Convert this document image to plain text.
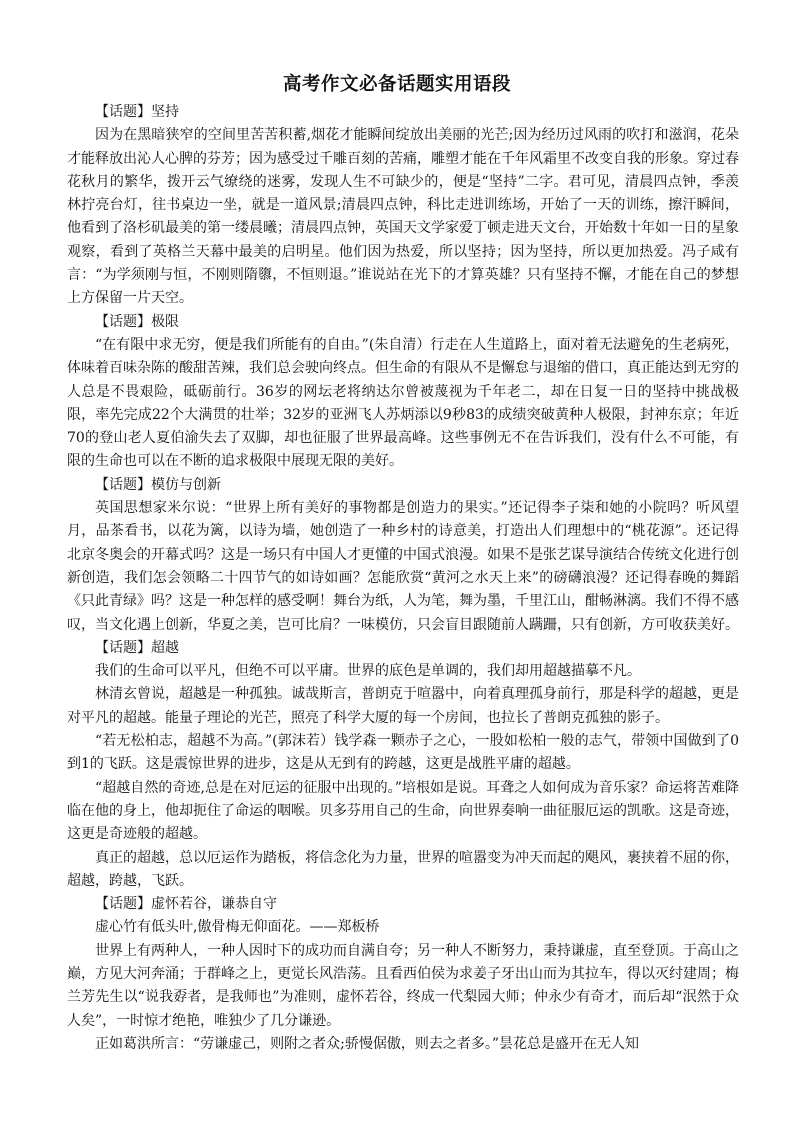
高考作文必备话题实用语段

【话题】坚持

因为在黑暗狭窄的空间里苦苦积蓄,烟花才能瞬间绽放出美丽的光芒;因为经历过风雨的吹打和滋润，花朵才能释放出沁人心脾的芬芳；因为感受过千雕百刻的苦痛，雕塑才能在千年风霜里不改变自我的形象。穿过春花秋月的繁华，拨开云气缭绕的迷雾，发现人生不可缺少的，便是“坚持”二字。君可见，清晨四点钟，季羡林拧亮台灯，往书桌边一坐，就是一道风景;清晨四点钟，科比走进训练场，开始了一天的训练，擦汗瞬间，他看到了洛杉矶最美的第一缕晨曦；清晨四点钟，英国天文学家爱丁顿走进天文台，开始数十年如一日的星象观察，看到了英格兰天幕中最美的启明星。他们因为热爱，所以坚持；因为坚持，所以更加热爱。冯子咸有言：“为学须刚与恒，不刚则隋隳，不恒则退。”谁说站在光下的才算英雄？只有坚持不懈，才能在自己的梦想上方保留一片天空。

【话题】极限

“在有限中求无穷，便是我们所能有的自由。”(朱自清）行走在人生道路上，面对着无法避免的生老病死，体味着百味杂陈的酸甜苦辣，我们总会驶向终点。但生命的有限从不是懈怠与退缩的借口，真正能达到无穷的人总是不畏艰险，砥砺前行。36岁的网坛老将纳达尔曾被蔑视为千年老二，却在日复一日的坚持中挑战极限，率先完成22个大满贯的壮举；32岁的亚洲飞人苏炳添以9秒83的成绩突破黄种人极限，封神东京；年近70的登山老人夏伯渝失去了双脚，却也征服了世界最高峰。这些事例无不在告诉我们，没有什么不可能，有限的生命也可以在不断的追求极限中展现无限的美好。

【话题】模仿与创新

英国思想家米尔说：“世界上所有美好的事物都是创造力的果实。”还记得李子柒和她的小院吗？听风望月，品茶看书，以花为篱，以诗为墙，她创造了一种乡村的诗意美，打造出人们理想中的“桃花源”。还记得北京冬奥会的开幕式吗？这是一场只有中国人才更懂的中国式浪漫。如果不是张艺谋导演结合传统文化进行创新创造，我们怎会领略二十四节气的如诗如画？怎能欣赏“黄河之水天上来”的磅礴浪漫？还记得春晚的舞蹈《只此青绿》吗？这是一种怎样的感受啊！舞台为纸，人为笔，舞为墨，千里江山，酣畅淋漓。我们不得不感叹，当文化遇上创新，华夏之美，岂可比肩？一味模仿，只会盲目跟随前人蹒跚，只有创新，方可收获美好。

【话题】超越

我们的生命可以平凡，但绝不可以平庸。世界的底色是单调的，我们却用超越描摹不凡。

林清玄曾说，超越是一种孤独。诚哉斯言，普朗克于喧嚣中，向着真理孤身前行，那是科学的超越，更是对平凡的超越。能量子理论的光芒，照亮了科学大厦的每一个房间，也拉长了普朗克孤独的影子。

“若无松柏志，超越不为高。”(郭沫若）钱学森一颗赤子之心，一股如松柏一般的志气，带领中国做到了0到1的飞跃。这是震惊世界的进步，这是从无到有的跨越，这更是战胜平庸的超越。

“超越自然的奇迹,总是在对厄运的征服中出现的。”培根如是说。耳聋之人如何成为音乐家？命运将苦难降临在他的身上，他却扼住了命运的咽喉。贝多芬用自己的生命，向世界奏响一曲征服厄运的凯歌。这是奇迹，这更是奇迹般的超越。

真正的超越，总以厄运作为踏板，将信念化为力量，世界的喧嚣变为冲天而起的飓风，裹挟着不屈的你，超越，跨越，飞跃。

【话题】虚怀若谷，谦恭自守

虚心竹有低头叶,傲骨梅无仰面花。——郑板桥

世界上有两种人，一种人因时下的成功而自满自夸；另一种人不断努力，秉持谦虚，直至登顶。于高山之巅，方见大河奔涌；于群峰之上，更觉长风浩荡。且看西伯侯为求姜子牙出山而为其拉车，得以灭纣建周；梅兰芳先生以“说我孬者，是我师也”为准则，虚怀若谷，终成一代梨园大师；仲永少有奇才，而后却“泯然于众人矣”，一时惊才绝艳，唯独少了几分谦逊。

正如葛洪所言：“劳谦虚己，则附之者众;骄慢倨傲，则去之者多。”昙花总是盛开在无人知
